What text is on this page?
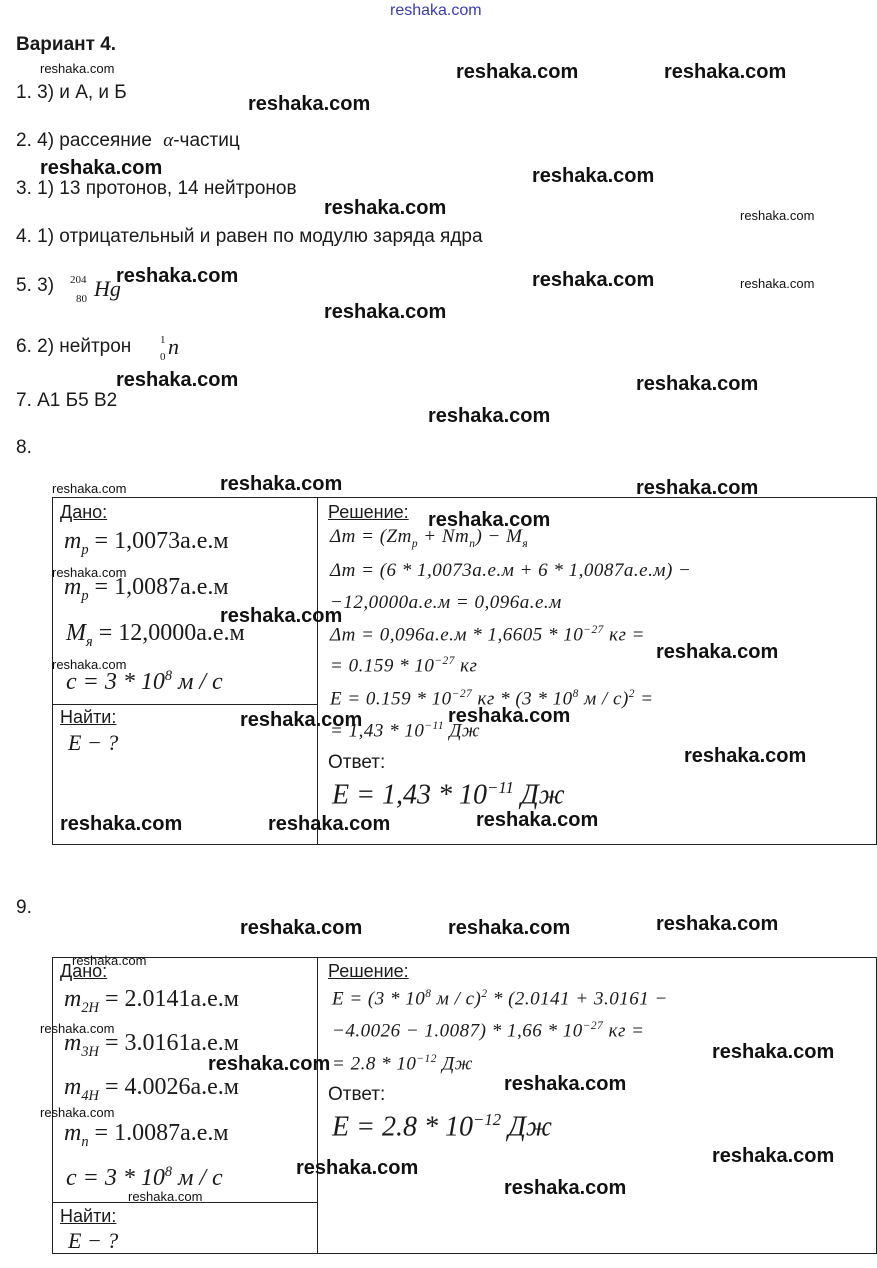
reshaka.com
Вариант 4.
1. 3) и А, и Б
2. 4) рассеяние α-частиц
3. 1) 13 протонов, 14 нейтронов
4. 1) отрицательный и равен по модулю заряда ядра
5. 3) 204
80 Hg
6. 2) нейтрон	1
0 n
7. А1 Б5 В2
8.
Дано:
$m_p = 1,0073а.е.м$
$m_p = 1,0087а.е.м$
$M_я = 12,0000а.е.м$
$c = 3 * 10^8$ м / c
Найти:
E − ?
Решение:
$\Delta m = (Zm_p + Nm_n) - M_я$
Δm = (6 * 1,0073а.е.м + 6 * 1,0087а.е.м) −
−12,0000а.е.м = 0,096а.е.м
$\Delta m = 0,096а.е.м * 1,6605 * 10^{-27}$ кг =
= $0.159 * 10^{-27}$ кг
$E = 0.159 * 10^{-27}$ кг * ($3 * 10^8$ м / с)$^2$ =
= $1,43 * 10^{-11}$ Дж
Ответ:
$E = 1,43 * 10^{-11}$ Дж
9.
Дано:
$m_{2H} = 2.0141а.е.м$
$m_{3H} = 3.0161а.е.м$
$m_{4H} = 4.0026а.е.м$
$m_n = 1.0087а.е.м$
$c = 3 * 10^8$ м / c
Найти:
E − ?
Решение:
$E = (3 * 10^8$ м / с)$^2$ * (2.0141 + 3.0161 −
$-4.0026 - 1.0087) * 1,66 * 10^{-27}$ кг =
= $2.8 * 10^{-12}$ Дж
Ответ:
$E = 2.8 * 10^{-12}$ Дж
reshaka.com	reshaka.com
reshaka.com
reshaka.com	reshaka.com
reshaka.com
reshaka.com	reshaka.com
reshaka.com
reshaka.com	reshaka.com
reshaka.com
reshaka.com	reshaka.com
reshaka.com
reshaka.com
reshaka.com
reshaka.com	reshaka.com
reshaka.com
reshaka.com	reshaka.com	reshaka.com
reshaka.com	reshaka.com	reshaka.com
reshaka.com
reshaka.com
reshaka.com
reshaka.com
reshaka.com
reshaka.com
reshaka.com
reshaka.com
reshaka.com
reshaka.com
reshaka.com
reshaka.com
reshaka.com
reshaka.com
reshaka.com
reshaka.com
